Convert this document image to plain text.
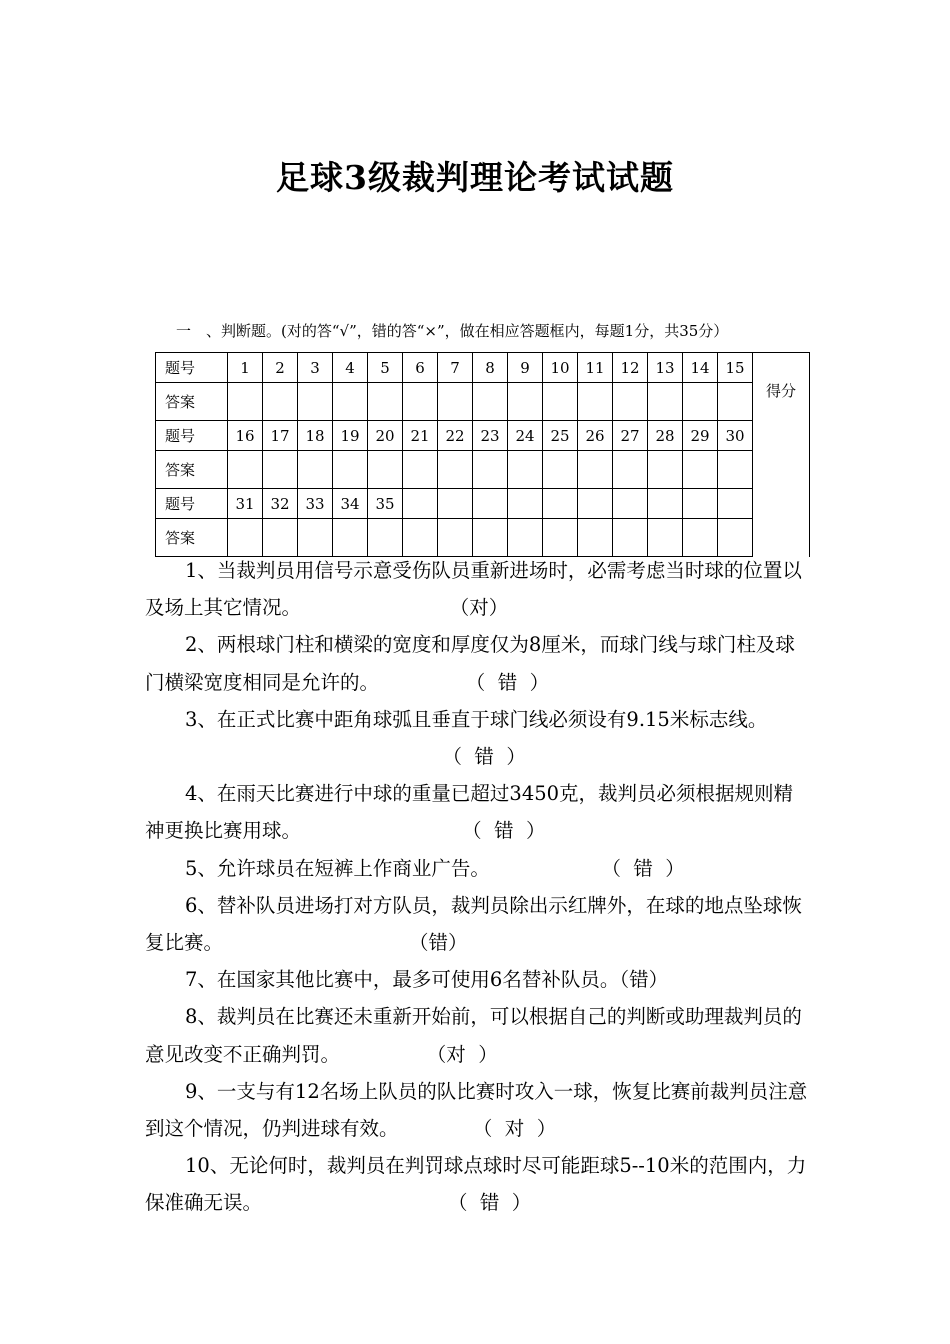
足球3级裁判理论考试试题
一　、判断题。(对的答“√”，错的答“×”，做在相应答题框内，每题1分，共35分）
题号	1	2	3	4	5	6	7	8	9	10	11	12	13	14	15	得分
答案																
题号	16	17	18	19	20	21	22	23	24	25	26	27	28	29	30	
答案																
题号	31	32	33	34	35											
答案																

1、当裁判员用信号示意受伤队员重新进场时，必需考虑当时球的位置以及场上其它情况。                        （对）

2、两根球门柱和横梁的宽度和厚度仅为8厘米，而球门线与球门柱及球门横梁宽度相同是允许的。              （  错  ）

3、在正式比赛中距角球弧且垂直于球门线必须设有9.15米标志线。                                                （  错  ）

4、在雨天比赛进行中球的重量已超过3450克，裁判员必须根据规则精神更换比赛用球。                          （  错  ）

5、允许球员在短裤上作商业广告。                  （  错  ）

6、替补队员进场打对方队员，裁判员除出示红牌外，在球的地点坠球恢复比赛。                              （错）

7、在国家其他比赛中，最多可使用6名替补队员。（错）

8、裁判员在比赛还未重新开始前，可以根据自己的判断或助理裁判员的意见改变不正确判罚。              （对  ）

9、一支与有12名场上队员的队比赛时攻入一球，恢复比赛前裁判员注意到这个情况，仍判进球有效。            （  对  ）

10、无论何时，裁判员在判罚球点球时尽可能距球5--10米的范围内，力保准确无误。                              （  错  ）
